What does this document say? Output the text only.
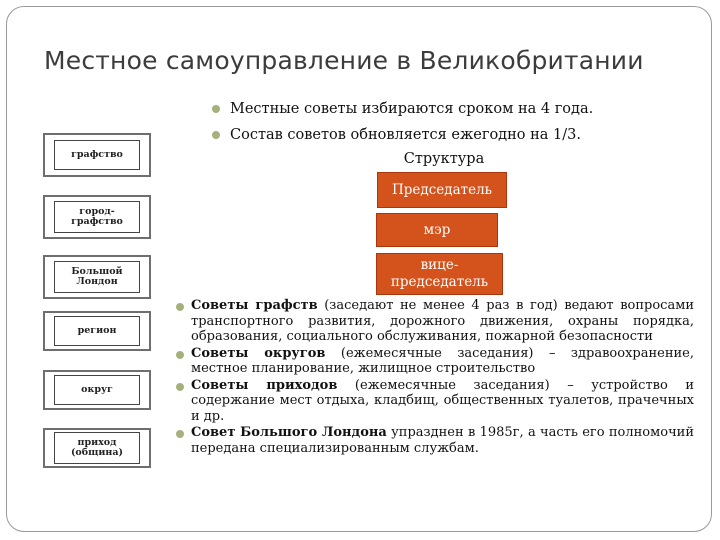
Местное самоуправление в Великобритании
Местные советы избираются сроком на 4 года.
Состав советов обновляется ежегодно на 1/3.
Структура
Председатель
мэр
вице-
председатель
графство
город-
графство
Большой
Лондон
регион
округ
приход
(община)
Советы графств (заседают не менее 4 раз в год) ведают вопросами транспортного развития, дорожного движения, охраны порядка, образования, социального обслуживания, пожарной безопасности
Советы округов (ежемесячные заседания) – здравоохранение, местное планирование, жилищное строительство
Советы приходов (ежемесячные заседания) – устройство и содержание мест отдыха, кладбищ, общественных туалетов, прачечных и др.
Совет Большого Лондона упразднен в 1985г, а часть его полномочий передана специализированным службам.
